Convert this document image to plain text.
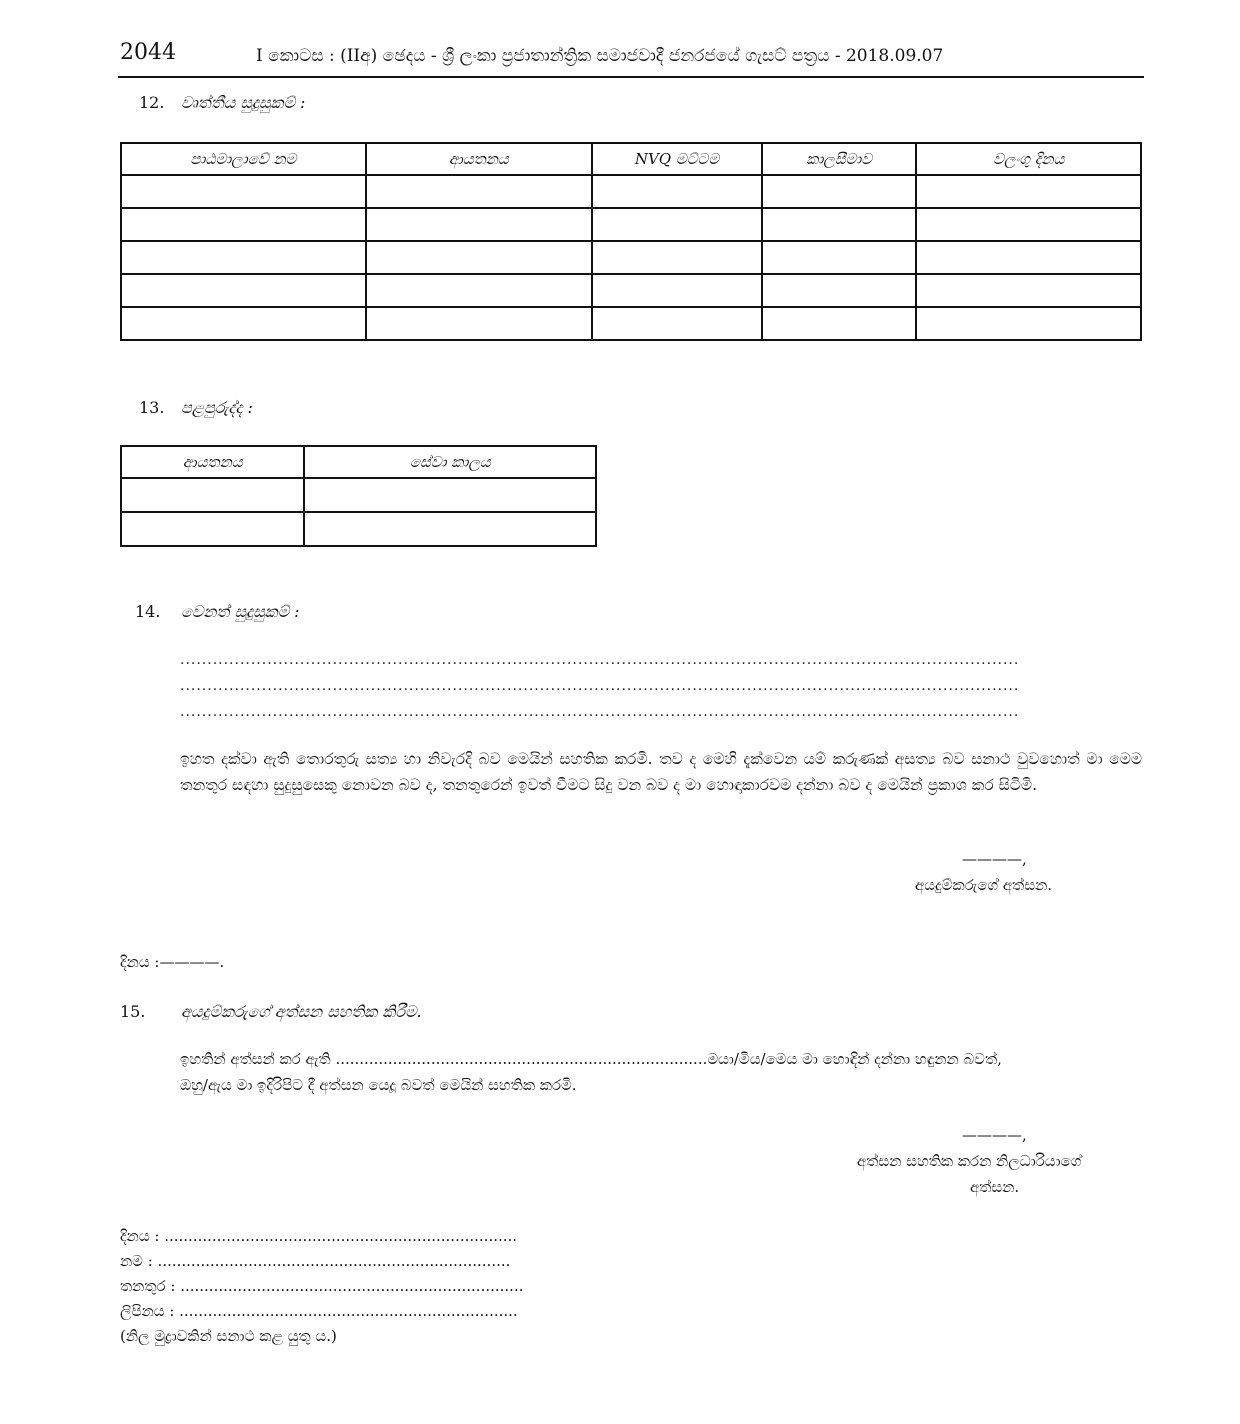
2044	I කොටස : (IIඅ) ඡෙදය - ශ්‍රී ලංකා ප්‍රජාතාන්ත්‍රික සමාජවාදී ජනරජයේ ගැසට් පත්‍රය - 2018.09.07
12. වෘත්තීය සුදුසුකම් :
පාඨමාලාවේ නම	ආයතනය	NVQ මට්ටම	කාලසීමාව	වලංගු දිනය

13. පළපුරුද්ද :
ආයතනය	සේවා කාලය

14. වෙනත් සුදුසුකම් :
..........................................................................................................................................................
..........................................................................................................................................................
..........................................................................................................................................................
ඉහත දක්වා ඇති තොරතුරු සත්‍ය හා නිවැරදි බව මෙයින් සහතික කරමි. තව ද මෙහි දැක්වෙන යම් කරුණක් අසත්‍ය බව සනාථ වුවහොත් මා මෙම තනතුර සඳහා සුදුසුසෙකු නොවන බව ද, තනතුරෙන් ඉවත් වීමට සිදු වන බව ද මා හොඳාකාරවම දන්නා බව ද මෙයින් ප්‍රකාශ කර සිටිමි.
————,
අයදුම්කරුගේ අත්සන.
දිනය :————.
15. අයදුම්කරුගේ අත්සන සහතික කිරීම.
ඉහතින් අත්සන් කර ඇති ..............................................................................මයා/මිය/මෙය මා හොඳින් දන්නා හඳුනන බවත්,
ඔහු/ඇය මා ඉදිරිපිට දී අත්සන යෙදූ බවත් මෙයින් සහතික කරමි.
————,
අත්සන සහතික කරන නිලධාරියාගේ
අත්සන.
දිනය : ..........................................................................
නම : ..........................................................................
තනතුර : ........................................................................
ලිපිනය : .......................................................................
(නිල මුද්‍රාවකින් සනාථ කළ යුතු ය.)
